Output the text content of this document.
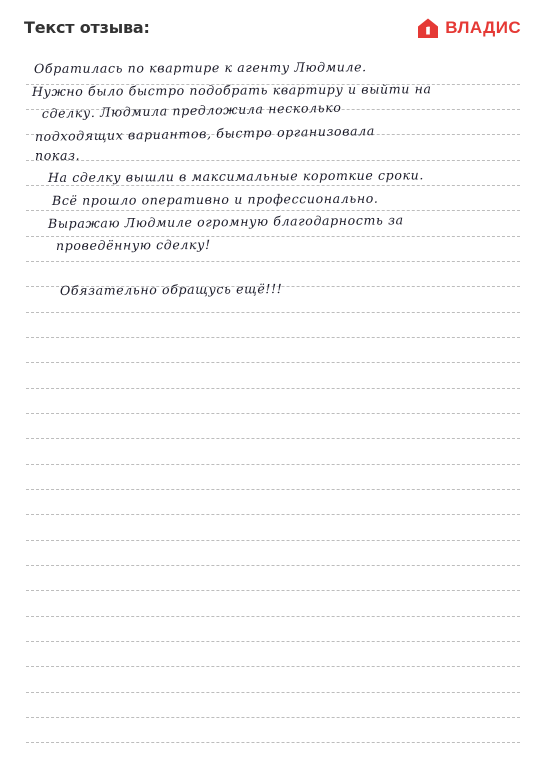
Текст отзыва:	ВЛАДИС
Обратилась по квартире к агенту Людмиле.
Нужно было быстро подобрать квартиру и выйти на
сделку. Людмила предложила несколько
подходящих вариантов, быстро организовала
показ.
На сделку вышли в максимальные короткие сроки.
Всё прошло оперативно и профессионально.
Выражаю Людмиле огромную благодарность за
проведённую сделку!
Обязательно обращусь ещё!!!
